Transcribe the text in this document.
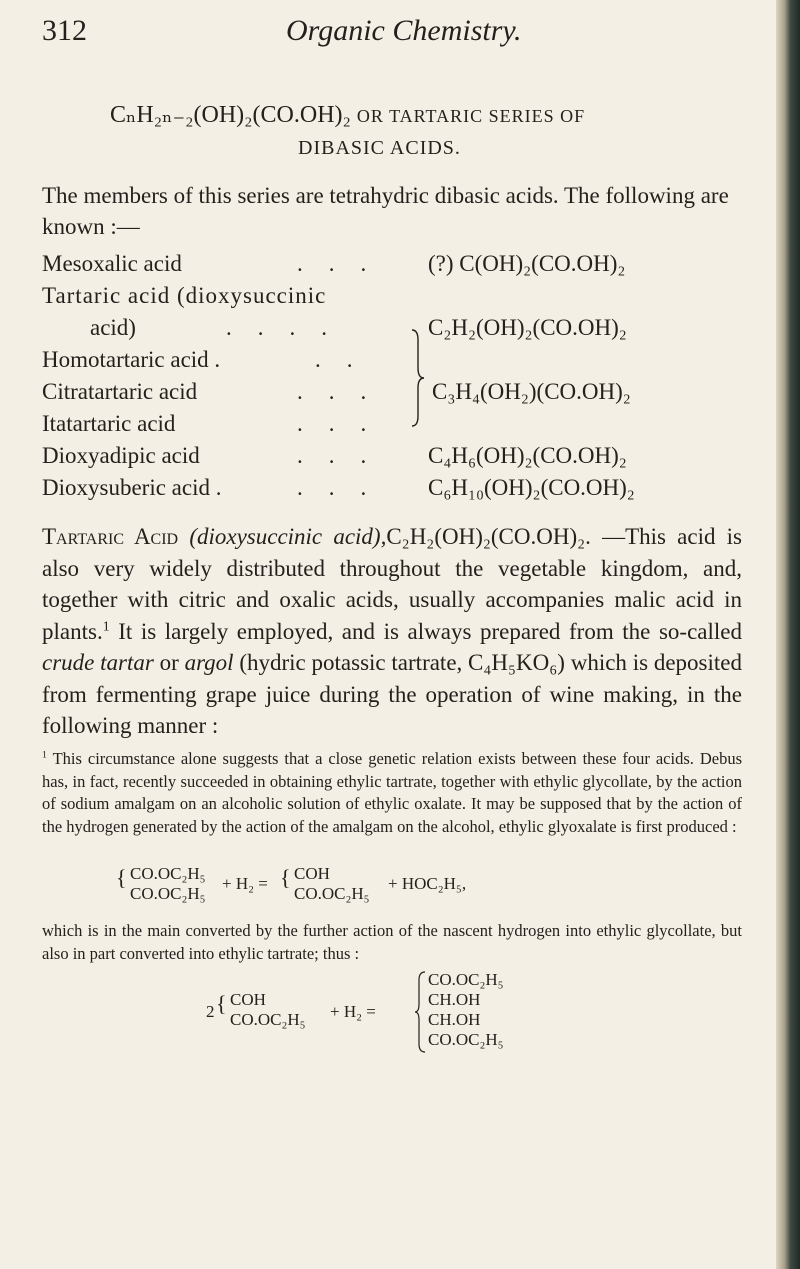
312	Organic Chemistry.
CₙH₂ₙ₋₂(OH)₂(CO.OH)₂ OR TARTARIC SERIES OF
DIBASIC ACIDS.
The members of this series are tetrahydric dibasic acids. The following are known :—
Mesoxalic acid	... (?) C(OH)₂(CO.OH)₂
Tartaric acid (dioxysuccinic
acid)	....	C₂H₂(OH)₂(CO.OH)₂
Homotartaric acid .	..
Citratartaric acid	... C₃H₄(OH₂)(CO.OH)₂
Itatartaric acid	...
Dioxyadipic acid	... C₄H₆(OH)₂(CO.OH)₂
Dioxysuberic acid .	... C₆H₁₀(OH)₂(CO.OH)₂
Tartaric Acid (dioxysuccinic acid),C₂H₂(OH)₂(CO.OH)₂. —This acid is also very widely distributed throughout the vegetable kingdom, and, together with citric and oxalic acids, usually accompanies malic acid in plants.$^1$ It is largely employed, and is always prepared from the so-called crude tartar or argol (hydric potassic tartrate, C₄H₅KO₆) which is deposited from fermenting grape juice during the operation of wine making, in the following manner :
$^1$ This circumstance alone suggests that a close genetic relation exists between these four acids. Debus has, in fact, recently succeeded in obtaining ethylic tartrate, together with ethylic glycollate, by the action of sodium amalgam on an alcoholic solution of ethylic oxalate. It may be supposed that by the action of the hydrogen generated by the action of the amalgam on the alcohol, ethylic glyoxalate is first produced :
{ CO.OC₂H₅
CO.OC₂H₅
+ H₂ = { COH
CO.OC₂H₅
+ HOC₂H₅,
which is in the main converted by the further action of the nascent hydrogen into ethylic glycollate, but also in part converted into ethylic tartrate; thus :
2 { COH
CO.OC₂H₅ + H₂ =
CO.OC₂H₅
CH.OH
CH.OH
CO.OC₂H₅
